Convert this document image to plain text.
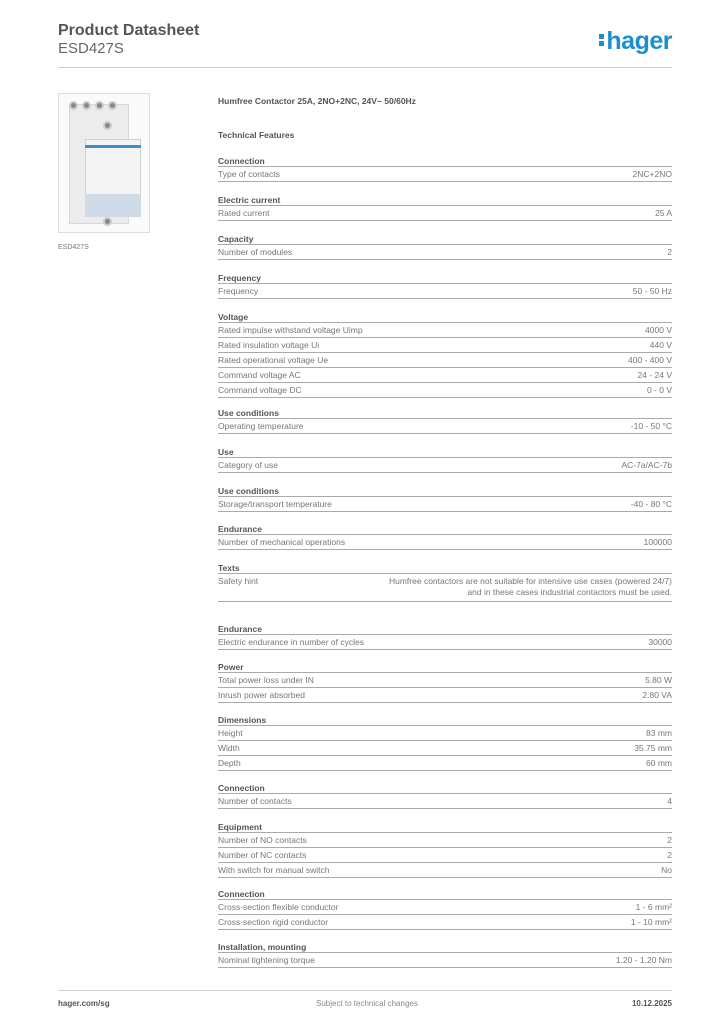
Product Datasheet
ESD427S	hager
ESD427S
Humfree Contactor 25A, 2NO+2NC, 24V~ 50/60Hz
Technical Features
Connection
Type of contacts	2NC+2NO
Electric current
Rated current	25 A
Capacity
Number of modules	2
Frequency
Frequency	50 - 50 Hz
Voltage
Rated impulse withstand voltage Uimp	4000 V
Rated insulation voltage Ui	440 V
Rated operational voltage Ue	400 - 400 V
Command voltage AC	24 - 24 V
Command voltage DC	0 - 0 V
Use conditions
Operating temperature	-10 - 50 °C
Use
Category of use	AC-7a/AC-7b
Use conditions
Storage/transport temperature	-40 - 80 °C
Endurance
Number of mechanical operations	100000
Texts
Safety hint	Humfree contactors are not suitable for intensive use cases (powered 24/7) and in these cases industrial contactors must be used.
Endurance
Electric endurance in number of cycles	30000
Power
Total power loss under IN	5.80 W
Inrush power absorbed	2.80 VA
Dimensions
Height	83 mm
Width	35.75 mm
Depth	60 mm
Connection
Number of contacts	4
Equipment
Number of NO contacts	2
Number of NC contacts	2
With switch for manual switch	No
Connection
Cross-section flexible conductor	1 - 6 mm²
Cross-section rigid conductor	1 - 10 mm²
Installation, mounting
Nominal tightening torque	1.20 - 1.20 Nm
hager.com/sg	Subject to technical changes	10.12.2025
